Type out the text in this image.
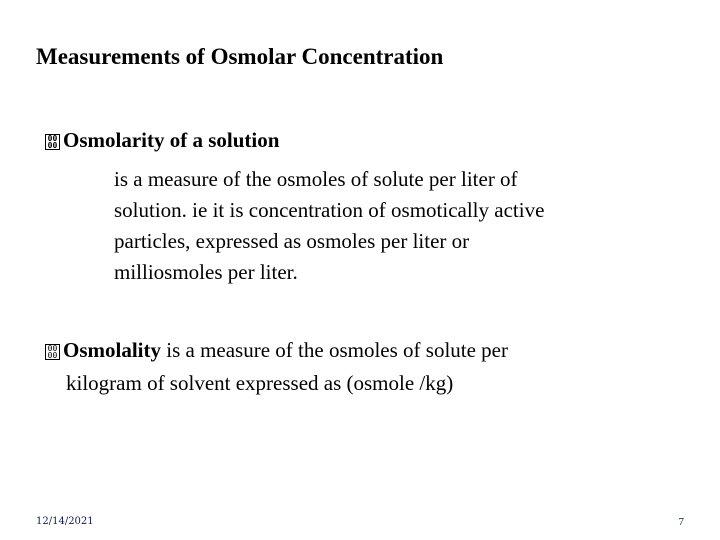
Measurements of Osmolar Concentration
00 00Osmolarity of a solution
is a measure of the osmoles of solute per liter of
solution. ie it is concentration of osmotically active
particles, expressed as osmoles per liter or
milliosmoles per liter.
00 00Osmolality is a measure of the osmoles of solute per
kilogram of solvent expressed as (osmole /kg)
12/14/2021	7
